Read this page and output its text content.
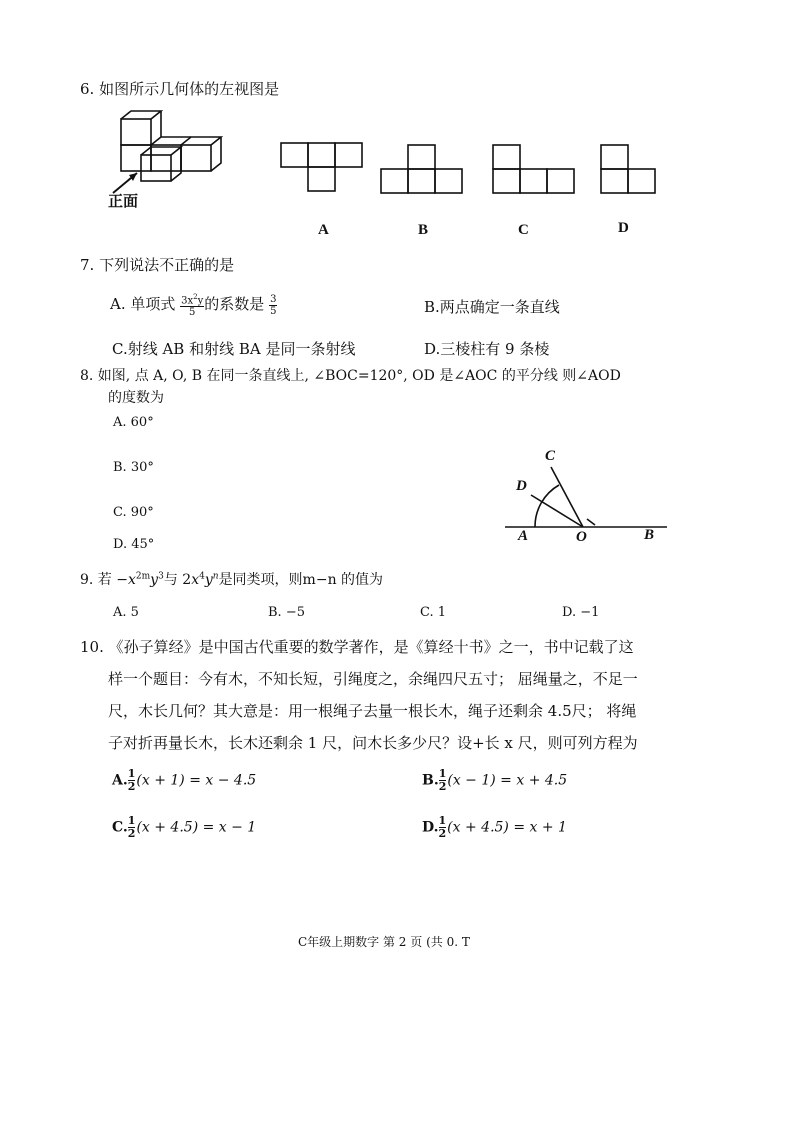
6. 如图所示几何体的左视图是
正面
A	B	C	D
7. 下列说法不正确的是
A. 单项式 $\frac{3x^2y}{5}$ 的系数是 $\frac{3}{5}$	B.两点确定一条直线
C.射线 AB 和射线 BA 是同一条射线	D.三棱柱有 9 条棱
8. 如图, 点 A, O, B 在同一条直线上, ∠BOC=120°, OD 是∠AOC 的平分线 则∠AOD
的度数为
A. 60°
B. 30°
C. 90°
D. 45°
C
D
A	O	B
9. 若 $-x^{2m}y^3$与 $2x^4y^n$是同类项，则m−n 的值为
A. 5	B. −5	C. 1	D. −1
10. 《孙子算经》是中国古代重要的数学著作，是《算经十书》之一，书中记载了这
样一个题目：今有木，不知长短，引绳度之，余绳四尺五寸； 屈绳量之，不足一
尺，木长几何？其大意是：用一根绳子去量一根长木，绳子还剩余 4.5尺； 将绳
子对折再量长木，长木还剩余 1 尺，问木长多少尺？设+长 x 尺，则可列方程为
A. $\frac{1}{2} (x + 1) = x - 4.5$	B. $\frac{1}{2} (x - 1) = x + 4.5$
C. $\frac{1}{2} (x + 4.5) = x - 1$	D. $\frac{1}{2} (x + 4.5) = x + 1$
C年级上期数字 第 2 页 (共 0. T
